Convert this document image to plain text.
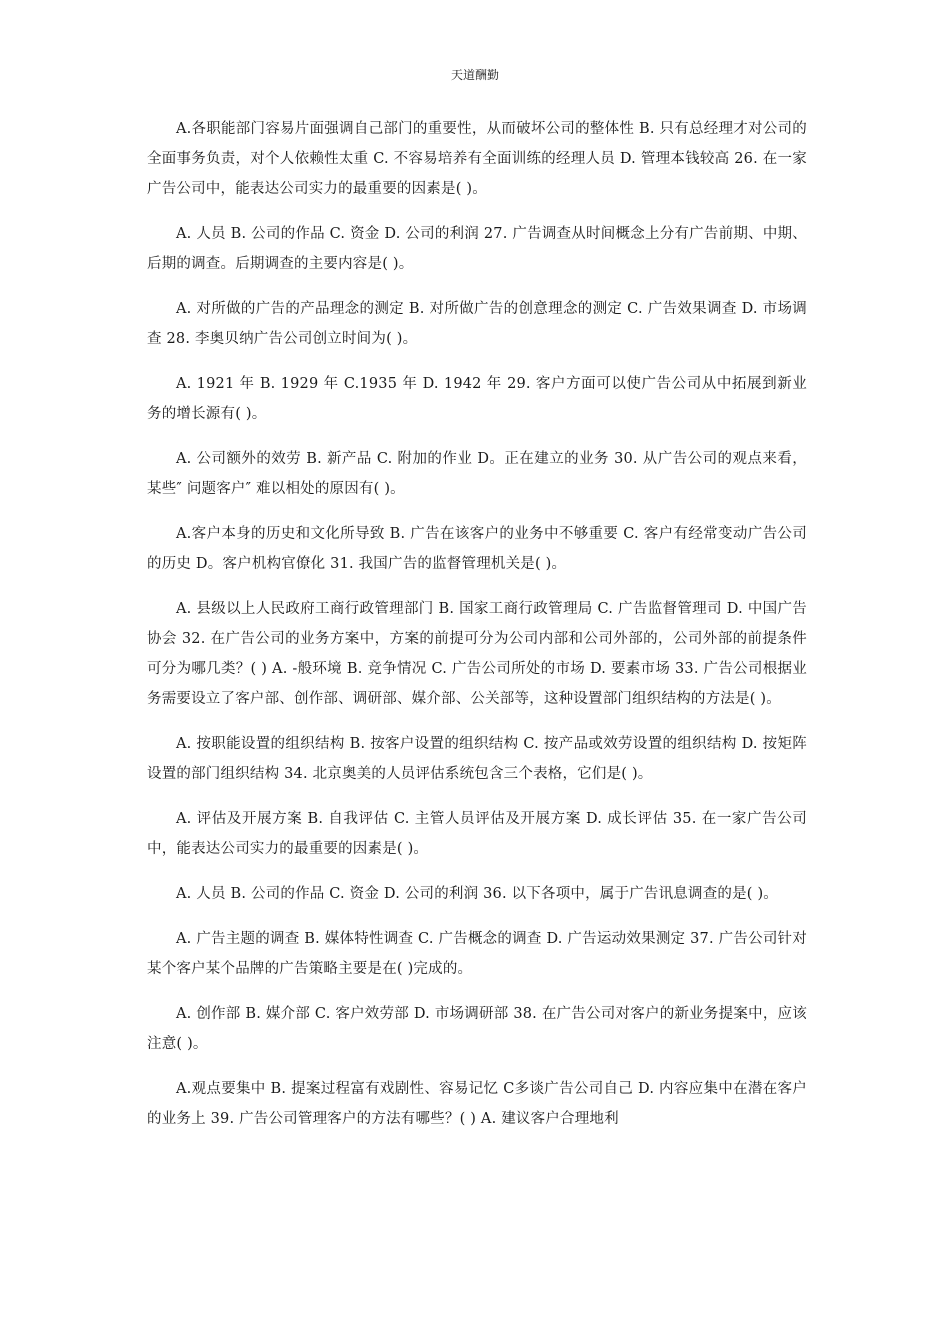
天道酬勤

A.各职能部门容易片面强调自己部门的重要性，从而破坏公司的整体性 B. 只有总经理才对公司的全面事务负责，对个人依赖性太重 C. 不容易培养有全面训练的经理人员 D. 管理本钱较高 26. 在一家广告公司中，能表达公司实力的最重要的因素是( )。

A. 人员 B. 公司的作品 C. 资金 D. 公司的利润 27. 广告调查从时间概念上分有广告前期、中期、后期的调查。后期调查的主要内容是( )。

A. 对所做的广告的产品理念的测定 B. 对所做广告的创意理念的测定 C. 广告效果调查 D. 市场调查 28. 李奥贝纳广告公司创立时间为( )。

A. 1921 年 B. 1929 年 C.1935 年 D. 1942 年 29. 客户方面可以使广告公司从中拓展到新业务的增长源有( )。

A. 公司额外的效劳 B. 新产品 C. 附加的作业 D。正在建立的业务 30. 从广告公司的观点来看，某些″ 问题客户″ 难以相处的原因有( )。

A.客户本身的历史和文化所导致 B. 广告在该客户的业务中不够重要 C. 客户有经常变动广告公司的历史 D。客户机构官僚化 31. 我国广告的监督管理机关是( )。

A. 县级以上人民政府工商行政管理部门 B. 国家工商行政管理局 C. 广告监督管理司 D. 中国广告协会 32. 在广告公司的业务方案中，方案的前提可分为公司内部和公司外部的，公司外部的前提条件可分为哪几类？( ) A. -般环境 B. 竞争情况 C. 广告公司所处的市场 D. 要素市场 33. 广告公司根据业务需要设立了客户部、创作部、调研部、媒介部、公关部等，这种设置部门组织结构的方法是( )。

A. 按职能设置的组织结构 B. 按客户设置的组织结构 C. 按产品或效劳设置的组织结构 D. 按矩阵设置的部门组织结构 34. 北京奥美的人员评估系统包含三个表格，它们是( )。

A. 评估及开展方案 B. 自我评估 C. 主管人员评估及开展方案 D. 成长评估 35. 在一家广告公司中，能表达公司实力的最重要的因素是( )。

A. 人员 B. 公司的作品 C. 资金 D. 公司的利润 36. 以下各项中，属于广告讯息调查的是( )。

A. 广告主题的调查 B. 媒体特性调查 C. 广告概念的调查 D. 广告运动效果测定 37. 广告公司针对某个客户某个品牌的广告策略主要是在( )完成的。

A. 创作部 B. 媒介部 C. 客户效劳部 D. 市场调研部 38. 在广告公司对客户的新业务提案中，应该注意( )。

A.观点要集中 B. 提案过程富有戏剧性、容易记忆 C多谈广告公司自己 D. 内容应集中在潜在客户的业务上 39. 广告公司管理客户的方法有哪些？( ) A. 建议客户合理地利
